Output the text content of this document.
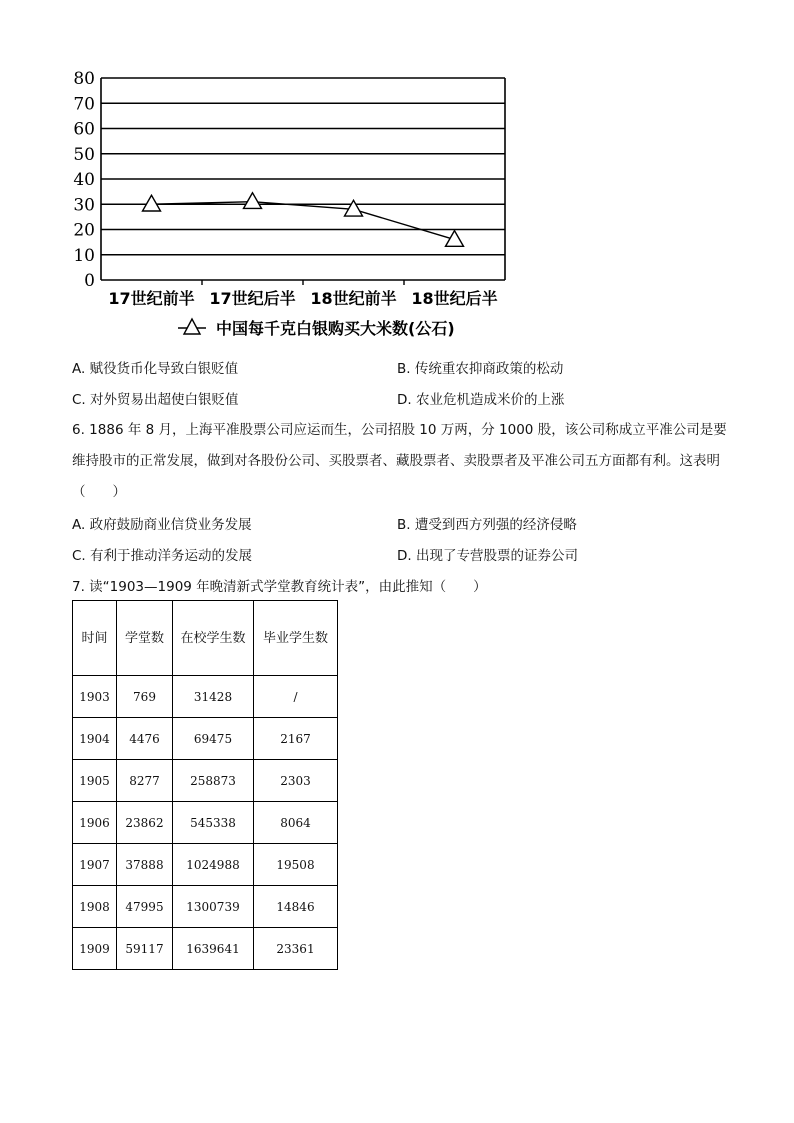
0
10
20
30
40
50
60
70
80
17世纪前半 17世纪后半 18世纪前半 18世纪后半
中国每千克白银购买大米数(公石)
A. 赋役货币化导致白银贬值	B. 传统重农抑商政策的松动
C. 对外贸易出超使白银贬值	D. 农业危机造成米价的上涨
6. 1886 年 8 月，上海平准股票公司应运而生，公司招股 10 万两，分 1000 股，该公司称成立平准公司是要维持股市的正常发展，做到对各股份公司、买股票者、藏股票者、卖股票者及平准公司五方面都有利。这表明（　　）
A. 政府鼓励商业信贷业务发展	B. 遭受到西方列强的经济侵略
C. 有利于推动洋务运动的发展	D. 出现了专营股票的证券公司
7. 读“1903—1909 年晚清新式学堂教育统计表”，由此推知（　　）
时间	学堂数	在校学生数	毕业学生数
1903	769	31428	/
1904	4476	69475	2167
1905	8277	258873	2303
1906	23862	545338	8064
1907	37888	1024988	19508
1908	47995	1300739	14846
1909	59117	1639641	23361
